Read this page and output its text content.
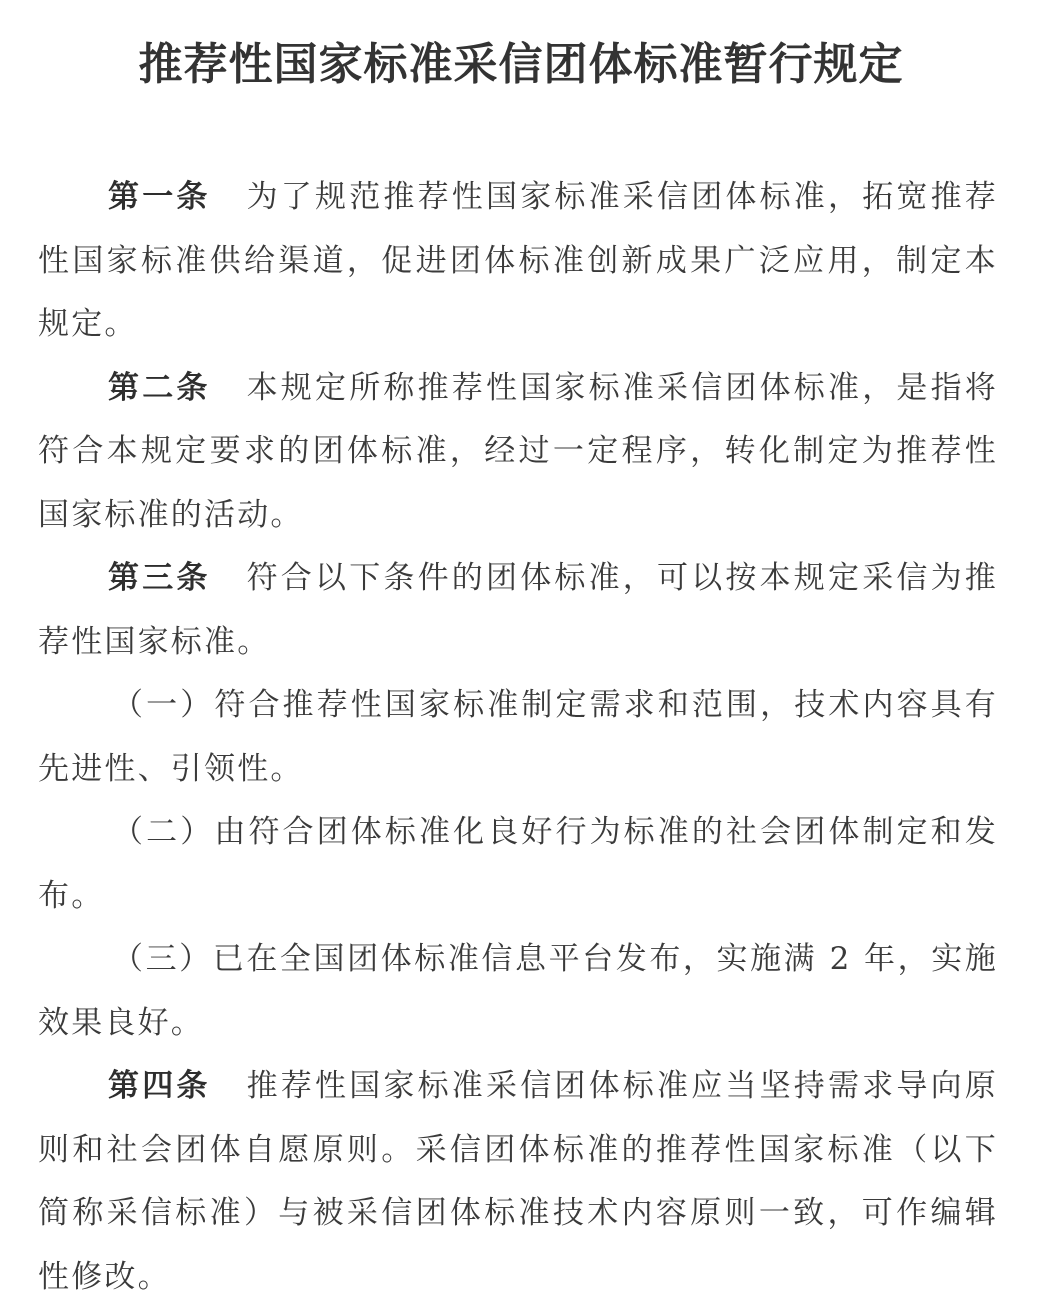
推荐性国家标准采信团体标准暂行规定

第一条 为了规范推荐性国家标准采信团体标准，拓宽推荐性国家标准供给渠道，促进团体标准创新成果广泛应用，制定本规定。

第二条 本规定所称推荐性国家标准采信团体标准，是指将符合本规定要求的团体标准，经过一定程序，转化制定为推荐性国家标准的活动。

第三条 符合以下条件的团体标准，可以按本规定采信为推荐性国家标准。

（一）符合推荐性国家标准制定需求和范围，技术内容具有先进性、引领性。

（二）由符合团体标准化良好行为标准的社会团体制定和发布。

（三）已在全国团体标准信息平台发布，实施满 2 年，实施效果良好。

第四条 推荐性国家标准采信团体标准应当坚持需求导向原则和社会团体自愿原则。采信团体标准的推荐性国家标准（以下简称采信标准）与被采信团体标准技术内容原则一致，可作编辑性修改。
